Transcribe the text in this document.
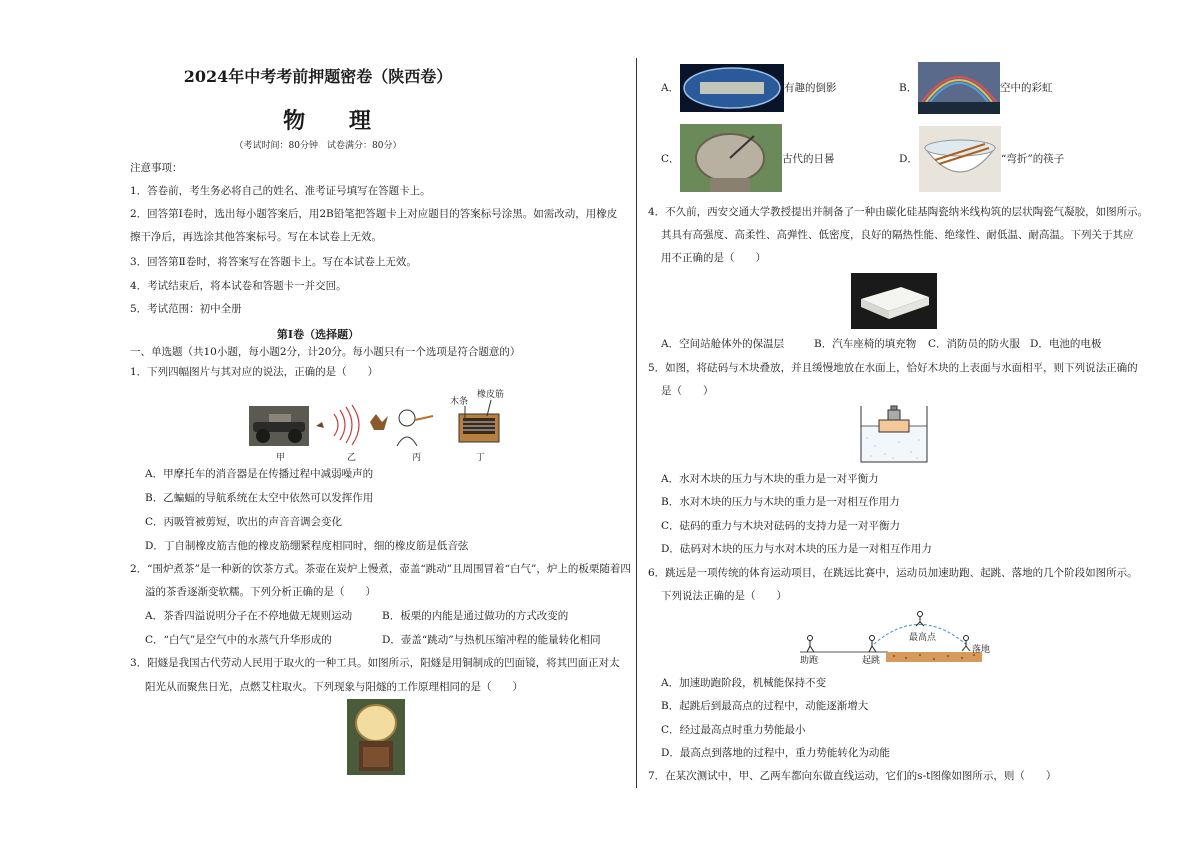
2024年中考考前押题密卷（陕西卷）
物 理
（考试时间：80分钟　试卷满分：80分）
注意事项：
1．答卷前，考生务必将自己的姓名、准考证号填写在答题卡上。
2．回答第Ⅰ卷时，选出每小题答案后，用2B铅笔把答题卡上对应题目的答案标号涂黑。如需改动，用橡皮
擦干净后，再选涂其他答案标号。写在本试卷上无效。
3．回答第Ⅱ卷时，将答案写在答题卡上。写在本试卷上无效。
4．考试结束后，将本试卷和答题卡一并交回。
5．考试范围：初中全册
第Ⅰ卷（选择题）
一、单选题（共10小题，每小题2分，计20分。每小题只有一个选项是符合题意的）
1．下列四幅图片与其对应的说法，正确的是（　　）
木条
橡皮筋
甲	乙	丙	丁
A．甲摩托车的消音器是在传播过程中减弱噪声的
B．乙蝙蝠的导航系统在太空中依然可以发挥作用
C．丙吸管被剪短，吹出的声音音调会变化
D．丁自制橡皮筋吉他的橡皮筋绷紧程度相同时，细的橡皮筋是低音弦
2．“围炉煮茶”是一种新的饮茶方式。茶壶在炭炉上慢煮，壶盖“跳动”且周围冒着“白气”，炉上的板栗随着四
溢的茶香逐渐变软糯。下列分析正确的是（　　）
A．茶香四溢说明分子在不停地做无规则运动	B．板栗的内能是通过做功的方式改变的
C．“白气”是空气中的水蒸气升华形成的	D．壶盖“跳动”与热机压缩冲程的能量转化相同
3．阳燧是我国古代劳动人民用于取火的一种工具。如图所示，阳燧是用铜制成的凹面镜，将其凹面正对太
阳光从而聚焦日光，点燃艾柱取火。下列现象与阳燧的工作原理相同的是（　　）
A．	有趣的倒影	B．	空中的彩虹
C．	古代的日晷	D．	“弯折”的筷子
4．不久前，西安交通大学教授提出并制备了一种由碳化硅基陶瓷纳米线构筑的层状陶瓷气凝胶，如图所示。
其具有高强度、高柔性、高弹性、低密度，良好的隔热性能、绝缘性、耐低温、耐高温。下列关于其应
用不正确的是（　　）
A．空间站舱体外的保温层	B．汽车座椅的填充物 C．消防员的防火服 D．电池的电极
5．如图，将砝码与木块叠放，并且缓慢地放在水面上，恰好木块的上表面与水面相平，则下列说法正确的
是（　　）
A．水对木块的压力与木块的重力是一对平衡力
B．水对木块的压力与木块的重力是一对相互作用力
C．砝码的重力与木块对砝码的支持力是一对平衡力
D．砝码对木块的压力与水对木块的压力是一对相互作用力
6．跳远是一项传统的体育运动项目，在跳远比赛中，运动员加速助跑、起跳、落地的几个阶段如图所示。
下列说法正确的是（　　）
助跑	起跳
最高点
落地
A．加速助跑阶段，机械能保持不变
B．起跳后到最高点的过程中，动能逐渐增大
C．经过最高点时重力势能最小
D．最高点到落地的过程中，重力势能转化为动能
7．在某次测试中，甲、乙两车都向东做直线运动，它们的s-t图像如图所示，则（　　）
